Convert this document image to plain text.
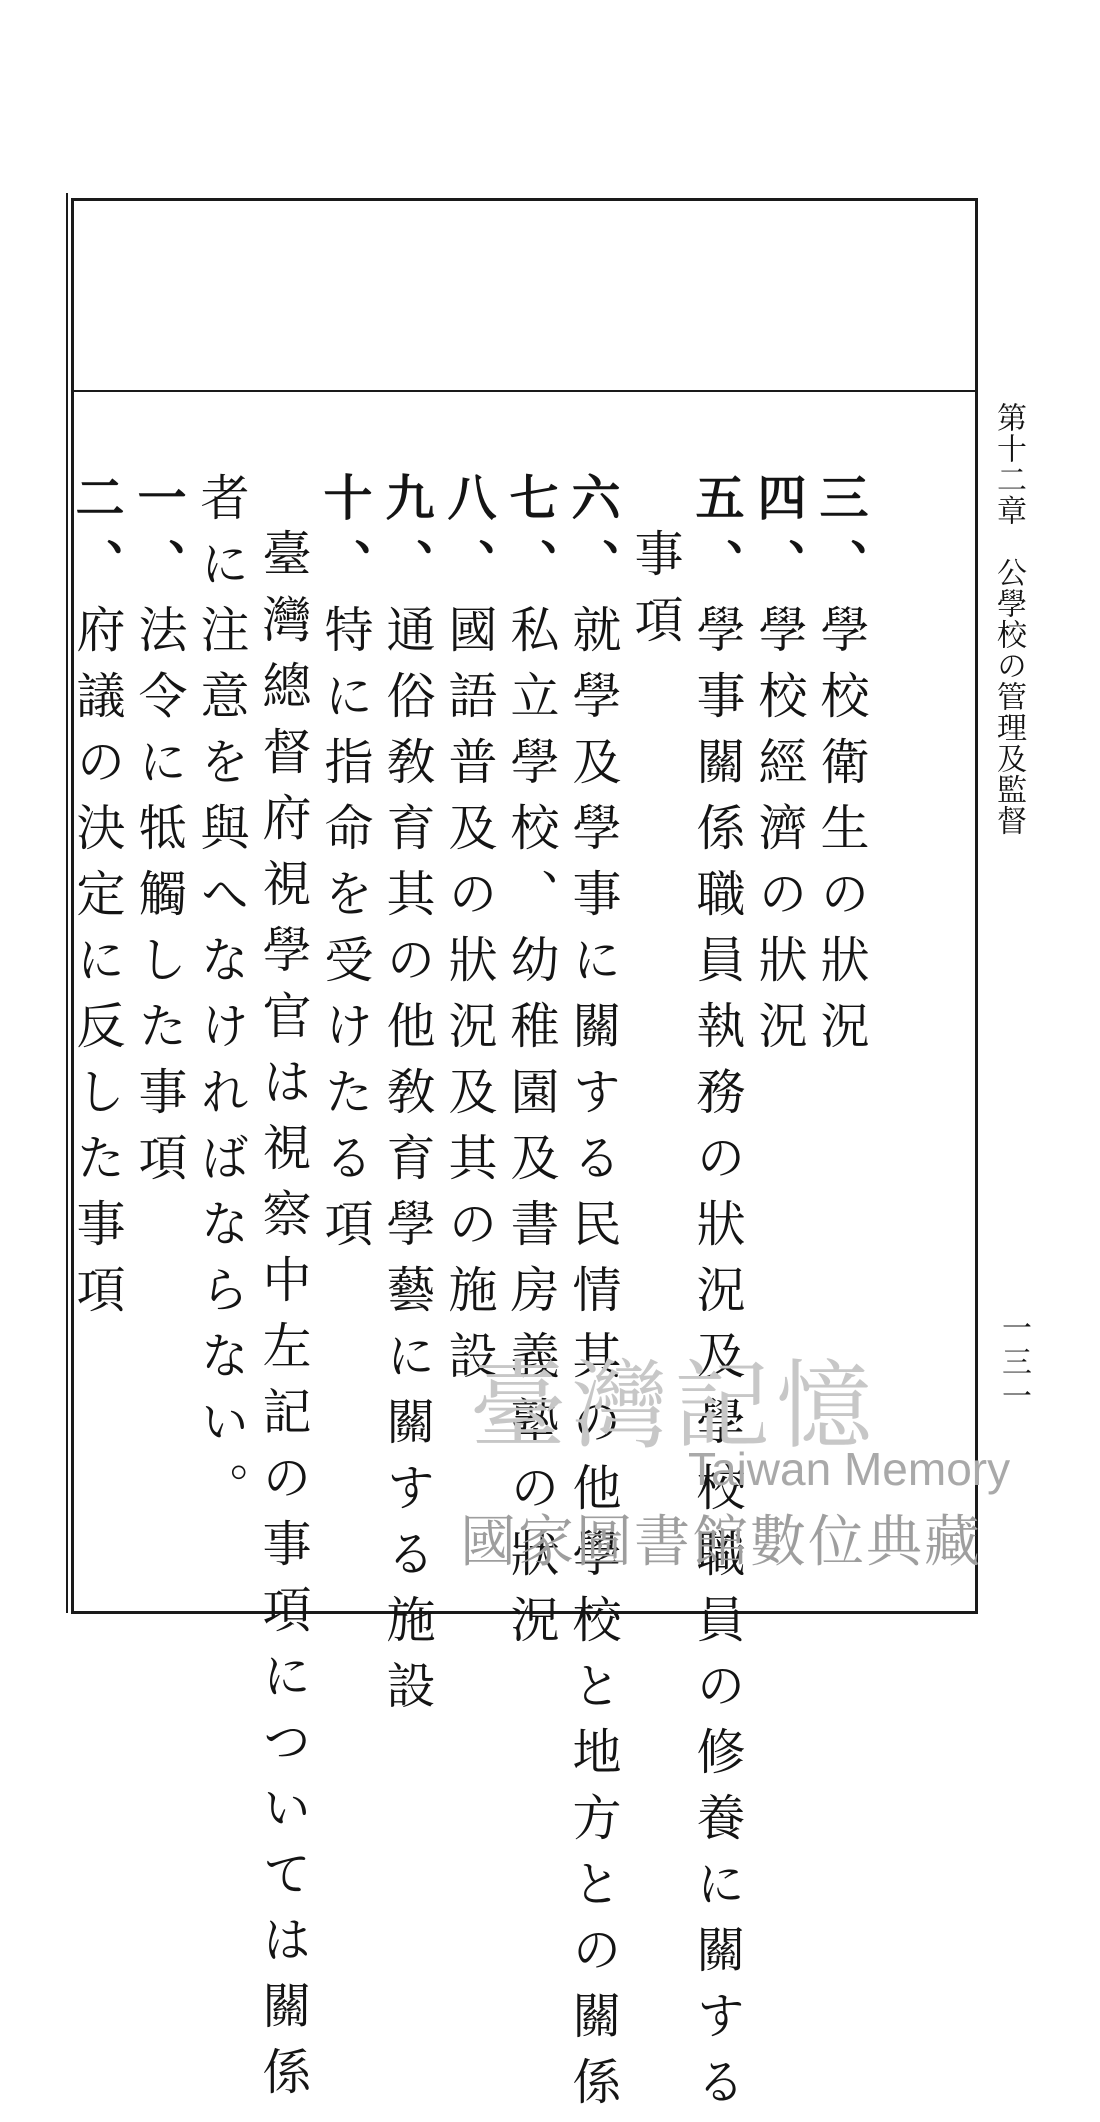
第十二章　公學校の管理及監督
一三一
三、學校衛生の狀況
四、學校經濟の狀況
五、學事關係職員執務の狀況及學校職員の修養に關する
事項
六、就學及學事に關する民情其の他學校と地方との關係
七、私立學校、幼稚園及書房義塾の狀況
八、國語普及の狀況及其の施設
九、通俗敎育其の他敎育學藝に關する施設
十、特に指命を受けたる項
臺灣總督府視學官は視察中左記の事項については關係
者に注意を與へなければならない。
一、法令に牴觸した事項
二、府議の決定に反した事項
臺灣記憶
Taiwan Memory
國家圖書館數位典藏
